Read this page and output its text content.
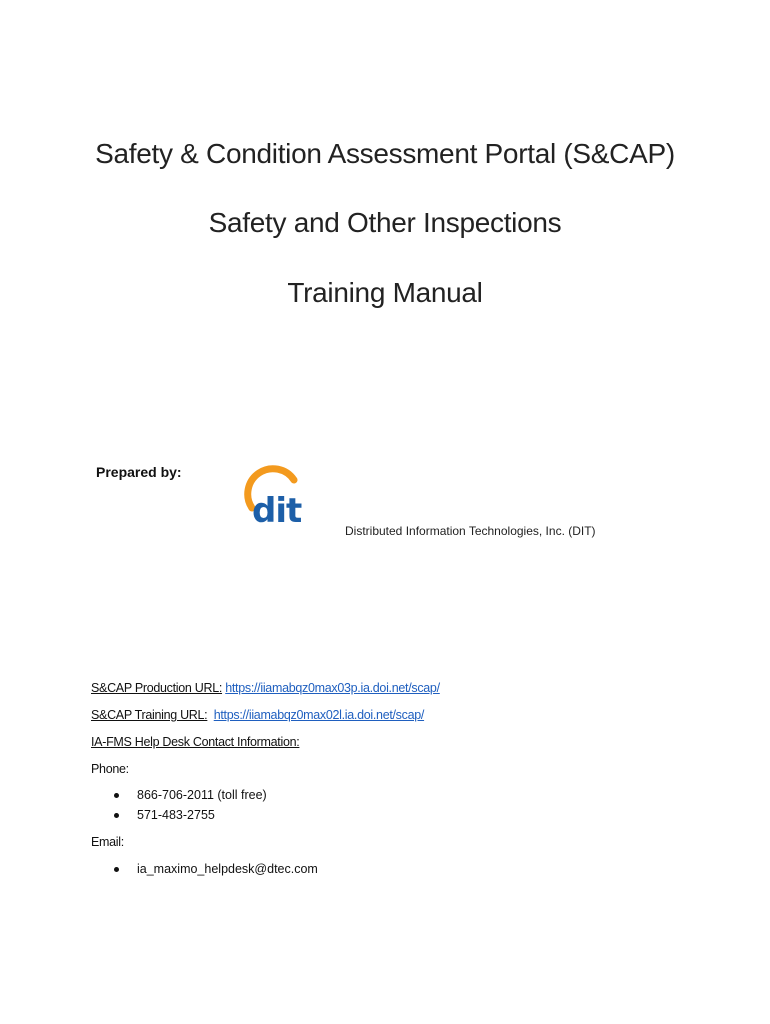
Safety & Condition Assessment Portal (S&CAP)
Safety and Other Inspections
Training Manual
Prepared by:
dit	Distributed Information Technologies, Inc. (DIT)
S&CAP Production URL: https://iiamabqz0max03p.ia.doi.net/scap/
S&CAP Training URL: https://iiamabqz0max02l.ia.doi.net/scap/
IA-FMS Help Desk Contact Information:
Phone:
866-706-2011 (toll free)
571-483-2755
Email:
ia_maximo_helpdesk@dtec.com
